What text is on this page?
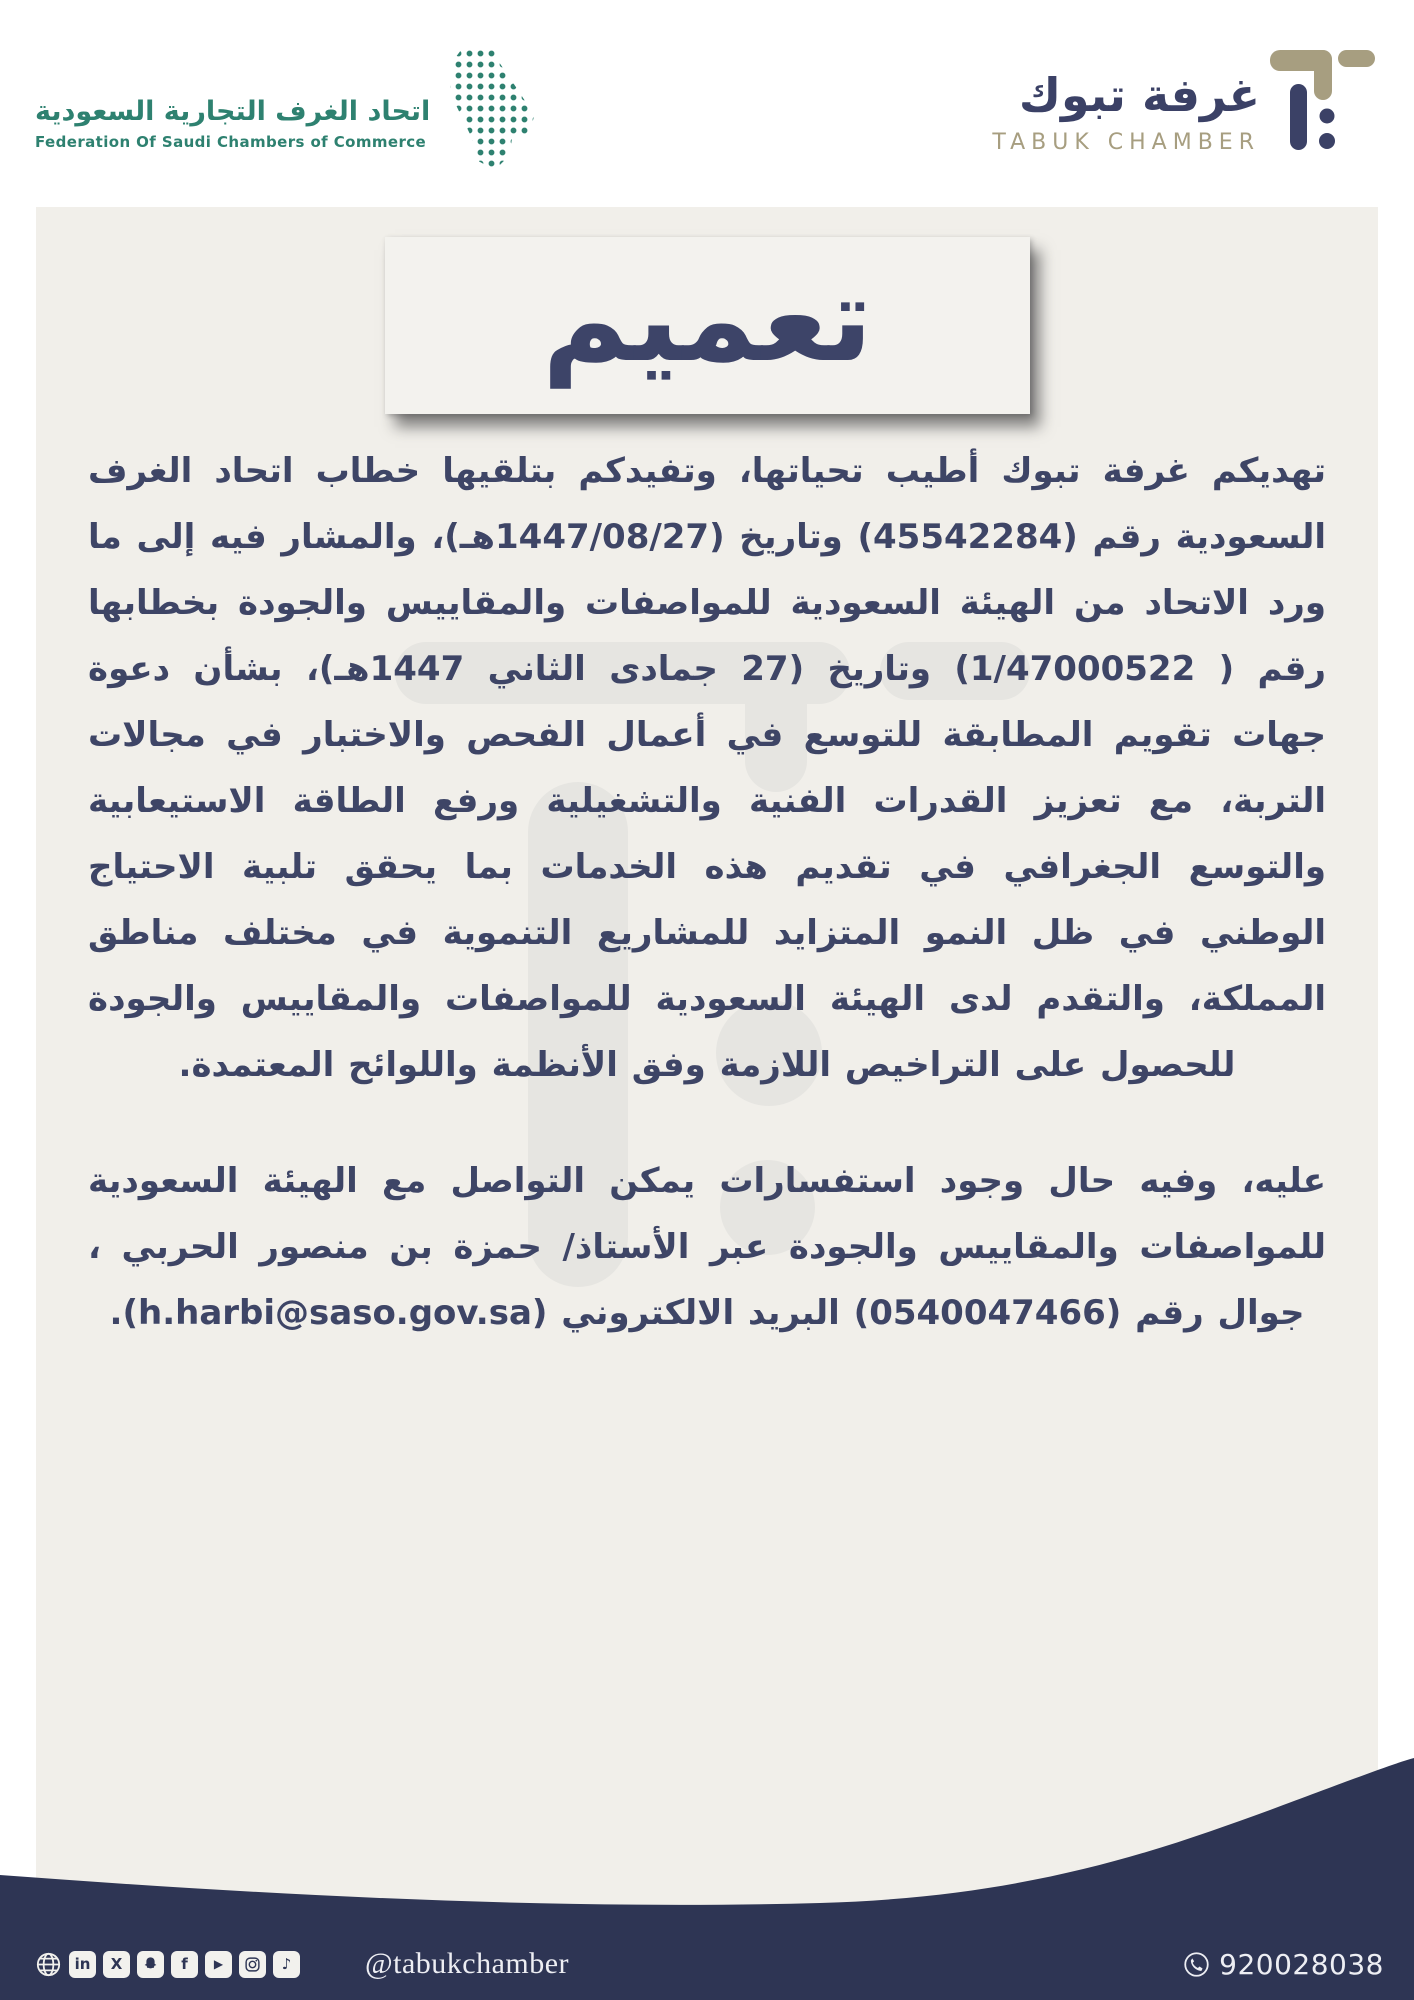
اتحاد الغرف التجارية السعودية
Federation Of Saudi Chambers of Commerce
غرفة تبوك
TABUK CHAMBER
تعميم

تهديكم غرفة تبوك أطيب تحياتها، وتفيدكم بتلقيها خطاب اتحاد الغرف السعودية رقم (45542284) وتاريخ (1447/08/27هـ)، والمشار فيه إلى ما ورد الاتحاد من الهيئة السعودية للمواصفات والمقاييس والجودة بخطابها رقم ( 1/47000522) وتاريخ (27 جمادى الثاني 1447هـ)، بشأن دعوة جهات تقويم المطابقة للتوسع في أعمال الفحص والاختبار في مجالات التربة، مع تعزيز القدرات الفنية والتشغيلية ورفع الطاقة الاستيعابية والتوسع الجغرافي في تقديم هذه الخدمات بما يحقق تلبية الاحتياج الوطني في ظل النمو المتزايد للمشاريع التنموية في مختلف مناطق المملكة، والتقدم لدى الهيئة السعودية للمواصفات والمقاييس والجودة للحصول على التراخيص اللازمة وفق الأنظمة واللوائح المعتمدة.

عليه، وفيه حال وجود استفسارات يمكن التواصل مع الهيئة السعودية للمواصفات والمقاييس والجودة عبر الأستاذ/ حمزة بن منصور الحربي ، جوال رقم (0540047466) البريد الالكتروني (h.harbi@saso.gov.sa).

in	X	f	▶	♪ @tabukchamber	920028038
